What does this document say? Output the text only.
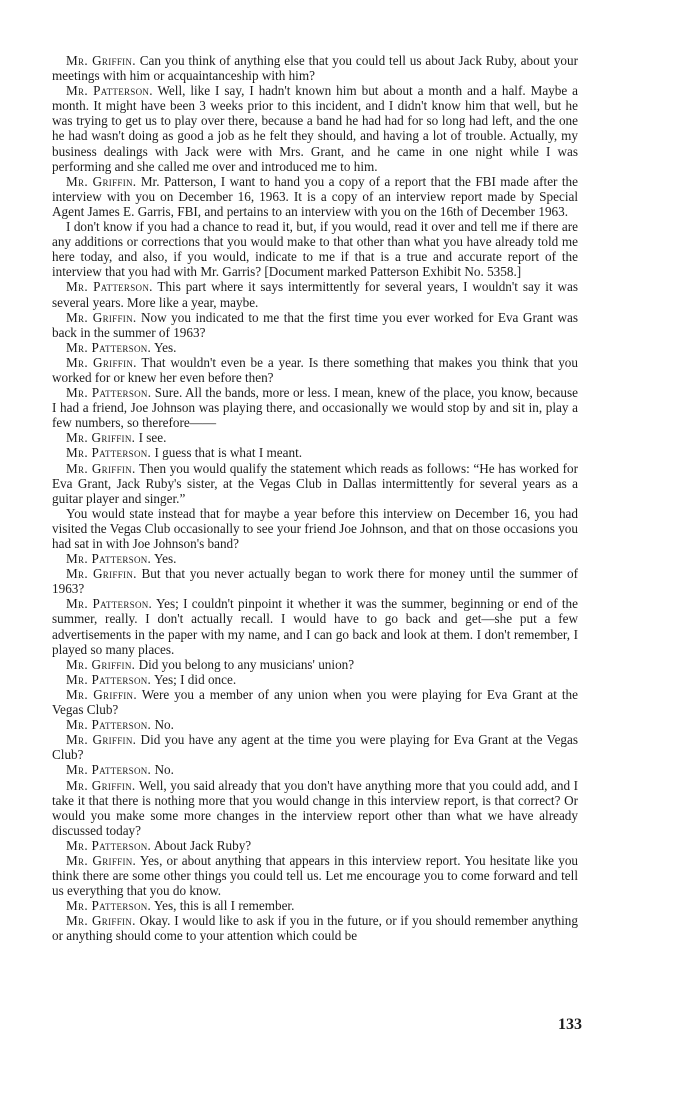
Mr. Griffin. Can you think of anything else that you could tell us about Jack Ruby, about your meetings with him or acquaintanceship with him?

Mr. Patterson. Well, like I say, I hadn't known him but about a month and a half. Maybe a month. It might have been 3 weeks prior to this incident, and I didn't know him that well, but he was trying to get us to play over there, because a band he had had for so long had left, and the one he had wasn't doing as good a job as he felt they should, and having a lot of trouble. Actually, my business dealings with Jack were with Mrs. Grant, and he came in one night while I was performing and she called me over and introduced me to him.

Mr. Griffin. Mr. Patterson, I want to hand you a copy of a report that the FBI made after the interview with you on December 16, 1963. It is a copy of an interview report made by Special Agent James E. Garris, FBI, and pertains to an interview with you on the 16th of December 1963.

I don't know if you had a chance to read it, but, if you would, read it over and tell me if there are any additions or corrections that you would make to that other than what you have already told me here today, and also, if you would, indicate to me if that is a true and accurate report of the interview that you had with Mr. Garris? [Document marked Patterson Exhibit No. 5358.]

Mr. Patterson. This part where it says intermittently for several years, I wouldn't say it was several years. More like a year, maybe.

Mr. Griffin. Now you indicated to me that the first time you ever worked for Eva Grant was back in the summer of 1963?

Mr. Patterson. Yes.

Mr. Griffin. That wouldn't even be a year. Is there something that makes you think that you worked for or knew her even before then?

Mr. Patterson. Sure. All the bands, more or less. I mean, knew of the place, you know, because I had a friend, Joe Johnson was playing there, and occasionally we would stop by and sit in, play a few numbers, so therefore——

Mr. Griffin. I see.

Mr. Patterson. I guess that is what I meant.

Mr. Griffin. Then you would qualify the statement which reads as follows: “He has worked for Eva Grant, Jack Ruby's sister, at the Vegas Club in Dallas intermittently for several years as a guitar player and singer.”

You would state instead that for maybe a year before this interview on December 16, you had visited the Vegas Club occasionally to see your friend Joe Johnson, and that on those occasions you had sat in with Joe Johnson's band?

Mr. Patterson. Yes.

Mr. Griffin. But that you never actually began to work there for money until the summer of 1963?

Mr. Patterson. Yes; I couldn't pinpoint it whether it was the summer, beginning or end of the summer, really. I don't actually recall. I would have to go back and get—she put a few advertisements in the paper with my name, and I can go back and look at them. I don't remember, I played so many places.

Mr. Griffin. Did you belong to any musicians' union?

Mr. Patterson. Yes; I did once.

Mr. Griffin. Were you a member of any union when you were playing for Eva Grant at the Vegas Club?

Mr. Patterson. No.

Mr. Griffin. Did you have any agent at the time you were playing for Eva Grant at the Vegas Club?

Mr. Patterson. No.

Mr. Griffin. Well, you said already that you don't have anything more that you could add, and I take it that there is nothing more that you would change in this interview report, is that correct? Or would you make some more changes in the interview report other than what we have already discussed today?

Mr. Patterson. About Jack Ruby?

Mr. Griffin. Yes, or about anything that appears in this interview report. You hesitate like you think there are some other things you could tell us. Let me encourage you to come forward and tell us everything that you do know.

Mr. Patterson. Yes, this is all I remember.

Mr. Griffin. Okay. I would like to ask if you in the future, or if you should remember anything or anything should come to your attention which could be

133
